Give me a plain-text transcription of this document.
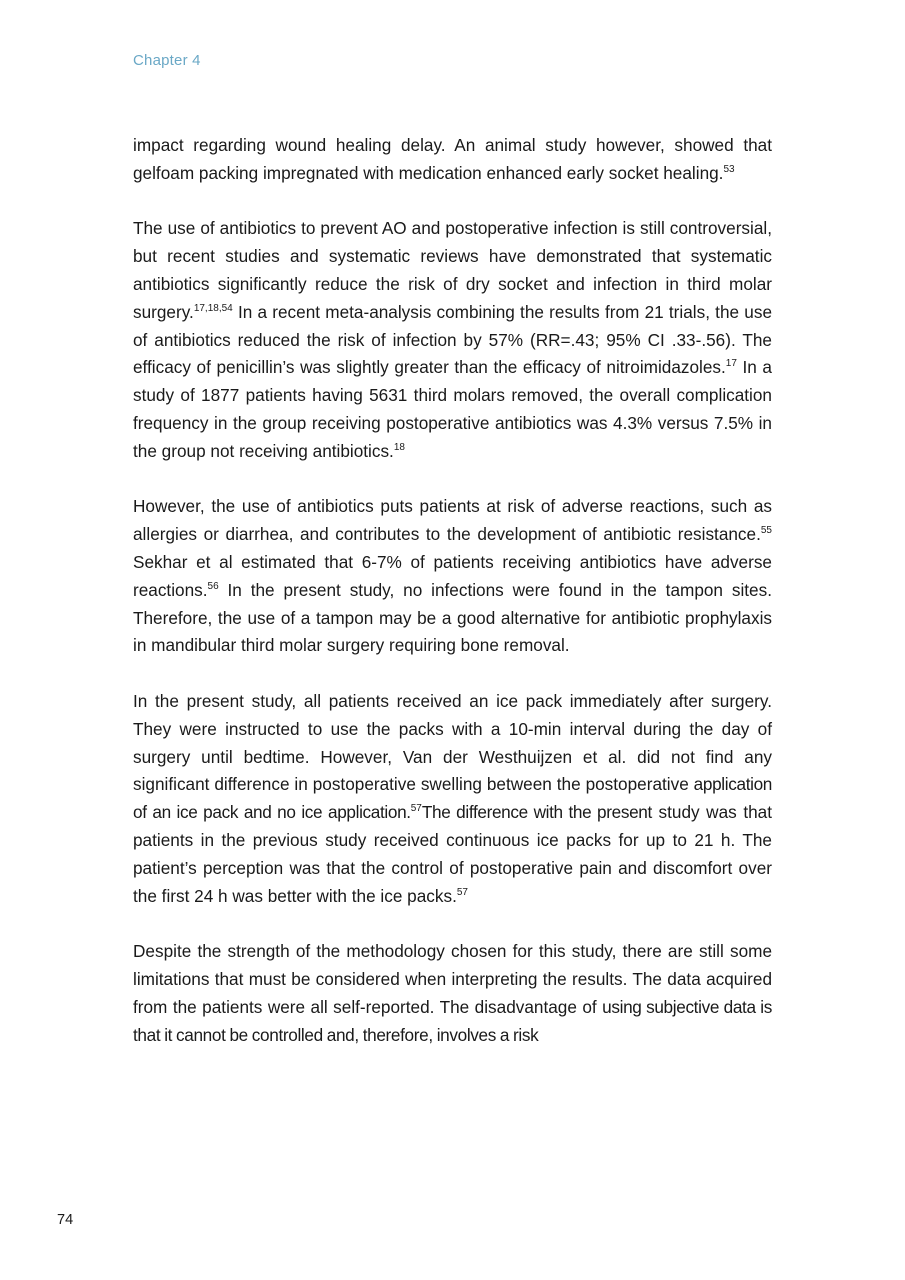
Chapter 4

impact regarding wound healing delay. An animal study however, showed that gelfoam packing impregnated with medication enhanced early socket healing.$^{53}$

The use of antibiotics to prevent AO and postoperative infection is still controversial, but recent studies and systematic reviews have demonstrated that systematic antibiotics significantly reduce the risk of dry socket and infection in third molar surgery.$^{17,18,54}$ In a recent meta-analysis combining the results from 21 trials, the use of antibiotics reduced the risk of infection by 57% (RR=.43; 95% CI .33-.56). The efficacy of penicillin’s was slightly greater than the efficacy of nitroimidazoles.$^{17}$ In a study of 1877 patients having 5631 third molars removed, the overall complication frequency in the group receiving postoperative antibiotics was 4.3% versus 7.5% in the group not receiving antibiotics.$^{18}$

However, the use of antibiotics puts patients at risk of adverse reactions, such as allergies or diarrhea, and contributes to the development of antibiotic resistance.$^{55}$ Sekhar et al estimated that 6-7% of patients receiving antibiotics have adverse reactions.$^{56}$ In the present study, no infections were found in the tampon sites. Therefore, the use of a tampon may be a good alternative for antibiotic prophylaxis in mandibular third molar surgery requiring bone removal.

In the present study, all patients received an ice pack immediately after surgery. They were instructed to use the packs with a 10-min interval during the day of surgery until bedtime. However, Van der Westhuijzen et al. did not find any significant difference in postoperative swelling between the postoperative application of an ice pack and no ice application.$^{57}$The difference with the present study was that patients in the previous study received continuous ice packs for up to 21 h. The patient’s perception was that the control of postoperative pain and discomfort over the first 24 h was better with the ice packs.$^{57}$

Despite the strength of the methodology chosen for this study, there are still some limitations that must be considered when interpreting the results. The data acquired from the patients were all self-reported. The disadvantage of using subjective data is that it cannot be controlled and, therefore, involves a risk

74
